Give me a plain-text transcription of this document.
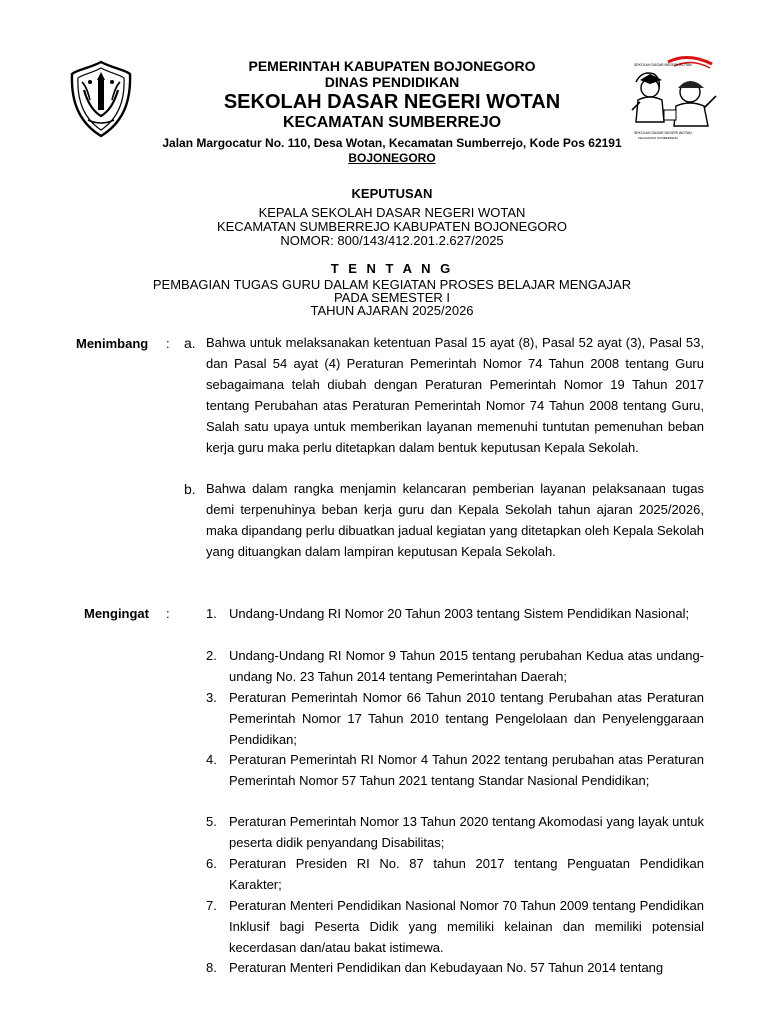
SEKOLAH DASAR NEGERI WOTAN
SEKOLAH DASAR NEGERI WOTAN
KECAMATAN SUMBERREJO
PEMERINTAH KABUPATEN BOJONEGORO
DINAS PENDIDIKAN
SEKOLAH DASAR NEGERI WOTAN
KECAMATAN SUMBERREJO
Jalan Margocatur No. 110, Desa Wotan, Kecamatan Sumberrejo, Kode Pos 62191
BOJONEGORO
KEPUTUSAN
KEPALA SEKOLAH DASAR NEGERI WOTAN
KECAMATAN SUMBERREJO KABUPATEN BOJONEGORO
NOMOR: 800/143/412.201.2.627/2025
T E N T A N G
PEMBAGIAN TUGAS GURU DALAM KEGIATAN PROSES BELAJAR MENGAJAR
PADA SEMESTER I
TAHUN AJARAN 2025/2026
Menimbang : a. Bahwa untuk melaksanakan ketentuan Pasal 15 ayat (8), Pasal 52 ayat (3), Pasal 53, dan Pasal 54 ayat (4) Peraturan Pemerintah Nomor 74 Tahun 2008 tentang Guru sebagaimana telah diubah dengan Peraturan Pemerintah Nomor 19 Tahun 2017 tentang Perubahan atas Peraturan Pemerintah Nomor 74 Tahun 2008 tentang Guru, Salah satu upaya untuk memberikan layanan memenuhi tuntutan pemenuhan beban kerja guru maka perlu ditetapkan dalam bentuk keputusan Kepala Sekolah.
b. Bahwa dalam rangka menjamin kelancaran pemberian layanan pelaksanaan tugas demi terpenuhinya beban kerja guru dan Kepala Sekolah tahun ajaran 2025/2026, maka dipandang perlu dibuatkan jadual kegiatan yang ditetapkan oleh Kepala Sekolah yang dituangkan dalam lampiran keputusan Kepala Sekolah.
Mengingat :	1. Undang-Undang RI Nomor 20 Tahun 2003 tentang Sistem Pendidikan Nasional;
2. Undang-Undang RI Nomor 9 Tahun 2015 tentang perubahan Kedua atas undang-undang No. 23 Tahun 2014 tentang Pemerintahan Daerah;
3. Peraturan Pemerintah Nomor 66 Tahun 2010 tentang Perubahan atas Peraturan Pemerintah Nomor 17 Tahun 2010 tentang Pengelolaan dan Penyelenggaraan Pendidikan;
4. Peraturan Pemerintah RI Nomor 4 Tahun 2022 tentang perubahan atas Peraturan Pemerintah Nomor 57 Tahun 2021 tentang Standar Nasional Pendidikan;
5. Peraturan Pemerintah Nomor 13 Tahun 2020 tentang Akomodasi yang layak untuk peserta didik penyandang Disabilitas;
6. Peraturan Presiden RI No. 87 tahun 2017 tentang Penguatan Pendidikan Karakter;
7. Peraturan Menteri Pendidikan Nasional Nomor 70 Tahun 2009 tentang Pendidikan Inklusif bagi Peserta Didik yang memiliki kelainan dan memiliki potensial kecerdasan dan/atau bakat istimewa.
8. Peraturan Menteri Pendidikan dan Kebudayaan No. 57 Tahun 2014 tentang
